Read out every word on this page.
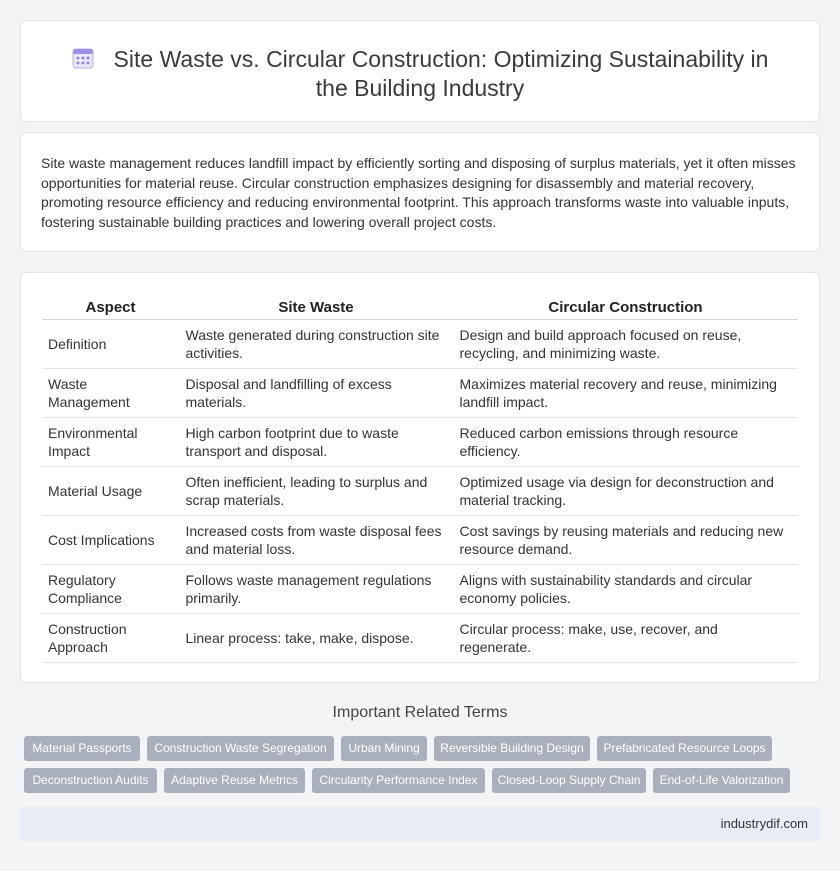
Site Waste vs. Circular Construction: Optimizing Sustainability in the Building Industry

Site waste management reduces landfill impact by efficiently sorting and disposing of surplus materials, yet it often misses opportunities for material reuse. Circular construction emphasizes designing for disassembly and material recovery, promoting resource efficiency and reducing environmental footprint. This approach transforms waste into valuable inputs, fostering sustainable building practices and lowering overall project costs.

Aspect	Site Waste	Circular Construction
Definition	Waste generated during construction site activities.	Design and build approach focused on reuse, recycling, and minimizing waste.
Waste Management	Disposal and landfilling of excess materials.	Maximizes material recovery and reuse, minimizing landfill impact.
Environmental Impact	High carbon footprint due to waste transport and disposal.	Reduced carbon emissions through resource efficiency.
Material Usage	Often inefficient, leading to surplus and scrap materials.	Optimized usage via design for deconstruction and material tracking.
Cost Implications	Increased costs from waste disposal fees and material loss.	Cost savings by reusing materials and reducing new resource demand.
Regulatory Compliance	Follows waste management regulations primarily.	Aligns with sustainability standards and circular economy policies.
Construction Approach	Linear process: take, make, dispose.	Circular process: make, use, recover, and regenerate.
Important Related Terms
Material Passports	Construction Waste Segregation	Urban Mining	Reversible Building Design	Prefabricated Resource Loops
Deconstruction Audits	Adaptive Reuse Metrics	Circularity Performance Index	Closed-Loop Supply Chain	End-of-Life Valorization
industrydif.com
